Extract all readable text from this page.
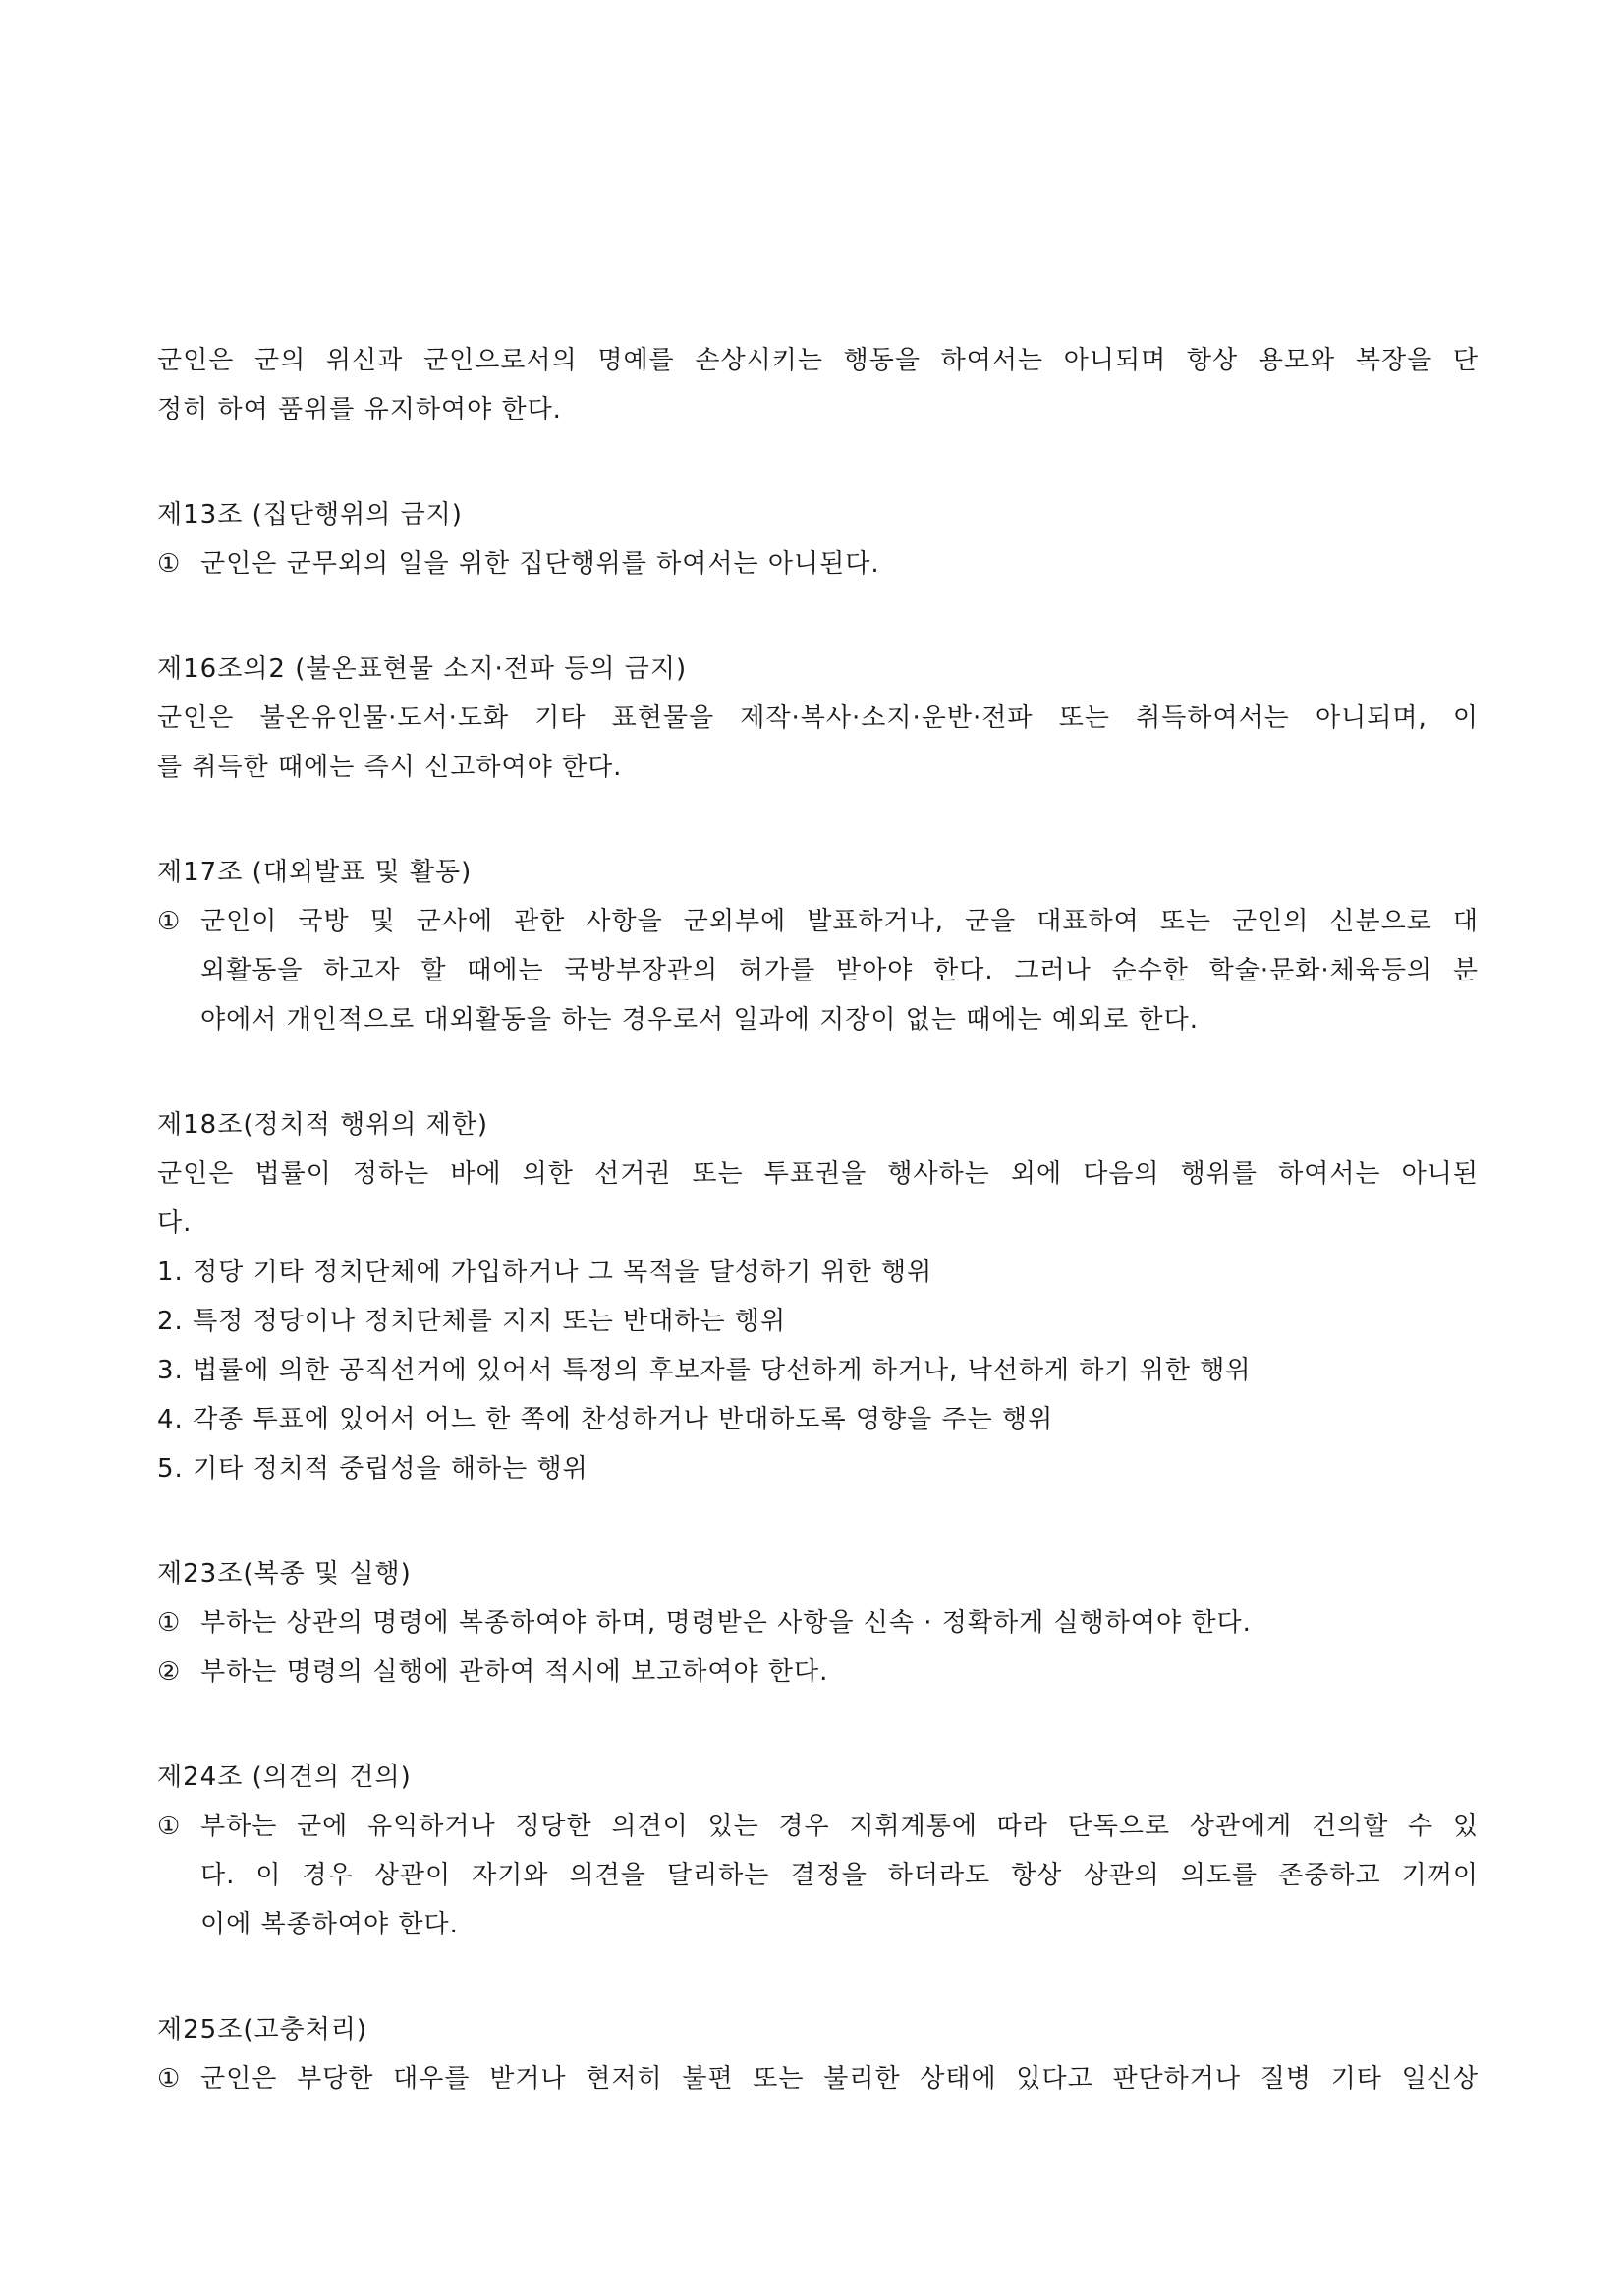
군인은 군의 위신과 군인으로서의 명예를 손상시키는 행동을 하여서는 아니되며 항상 용모와 복장을 단
정히 하여 품위를 유지하여야 한다.
제13조 (집단행위의 금지)
① 군인은 군무외의 일을 위한 집단행위를 하여서는 아니된다.
제16조의2 (불온표현물 소지·전파 등의 금지)
군인은 불온유인물·도서·도화 기타 표현물을 제작·복사·소지·운반·전파 또는 취득하여서는 아니되며, 이
를 취득한 때에는 즉시 신고하여야 한다.
제17조 (대외발표 및 활동)
① 군인이 국방 및 군사에 관한 사항을 군외부에 발표하거나, 군을 대표하여 또는 군인의 신분으로 대
외활동을 하고자 할 때에는 국방부장관의 허가를 받아야 한다. 그러나 순수한 학술·문화·체육등의 분
야에서 개인적으로 대외활동을 하는 경우로서 일과에 지장이 없는 때에는 예외로 한다.
제18조(정치적 행위의 제한)
군인은 법률이 정하는 바에 의한 선거권 또는 투표권을 행사하는 외에 다음의 행위를 하여서는 아니된
다.
1. 정당 기타 정치단체에 가입하거나 그 목적을 달성하기 위한 행위
2. 특정 정당이나 정치단체를 지지 또는 반대하는 행위
3. 법률에 의한 공직선거에 있어서 특정의 후보자를 당선하게 하거나, 낙선하게 하기 위한 행위
4. 각종 투표에 있어서 어느 한 쪽에 찬성하거나 반대하도록 영향을 주는 행위
5. 기타 정치적 중립성을 해하는 행위
제23조(복종 및 실행)
① 부하는 상관의 명령에 복종하여야 하며, 명령받은 사항을 신속 · 정확하게 실행하여야 한다.
② 부하는 명령의 실행에 관하여 적시에 보고하여야 한다.
제24조 (의견의 건의)
① 부하는 군에 유익하거나 정당한 의견이 있는 경우 지휘계통에 따라 단독으로 상관에게 건의할 수 있
다. 이 경우 상관이 자기와 의견을 달리하는 결정을 하더라도 항상 상관의 의도를 존중하고 기꺼이
이에 복종하여야 한다.
제25조(고충처리)
① 군인은 부당한 대우를 받거나 현저히 불편 또는 불리한 상태에 있다고 판단하거나 질병 기타 일신상
